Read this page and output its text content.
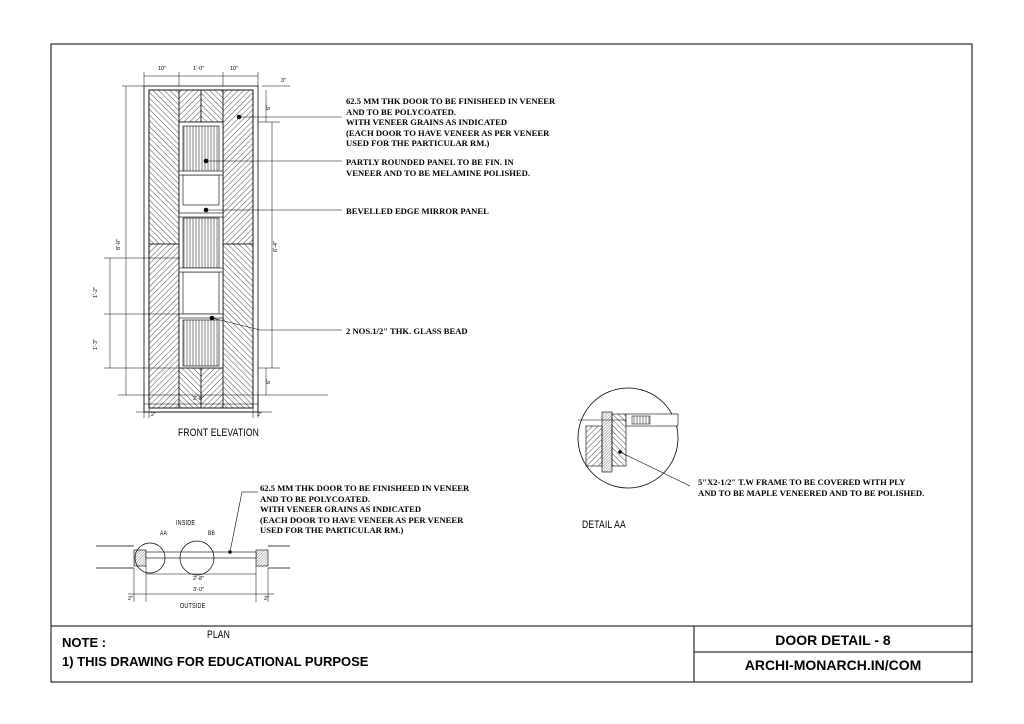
10"	1'-0"	10"
3"
8'-0"	6'-4"
1'-2"
1'-3"
6"
6"
2'-8"
2"	2"
FRONT ELEVATION
62.5 MM THK DOOR TO BE FINISHEED IN VENEER
AND TO BE POLYCOATED.
WITH VENEER GRAINS AS INDICATED
(EACH DOOR TO HAVE VENEER AS PER VENEER
USED FOR THE PARTICULAR RM.)
PARTLY ROUNDED PANEL TO BE FIN. IN
VENEER AND TO BE MELAMINE POLISHED.
BEVELLED EDGE MIRROR PANEL
2 NOS.1/2" THK. GLASS BEAD
INSIDE
AA	BB
2'-8"
3'-0"
2"	2"
OUTSIDE
PLAN
62.5 MM THK DOOR TO BE FINISHEED IN VENEER
AND TO BE POLYCOATED.
WITH VENEER GRAINS AS INDICATED
(EACH DOOR TO HAVE VENEER AS PER VENEER
USED FOR THE PARTICULAR RM.)
5"X2-1/2" T.W FRAME TO BE COVERED WITH PLY
AND TO BE MAPLE VENEERED AND TO BE POLISHED.
DETAIL AA
NOTE :
1) THIS DRAWING FOR EDUCATIONAL PURPOSE
DOOR DETAIL - 8
ARCHI-MONARCH.IN/COM
